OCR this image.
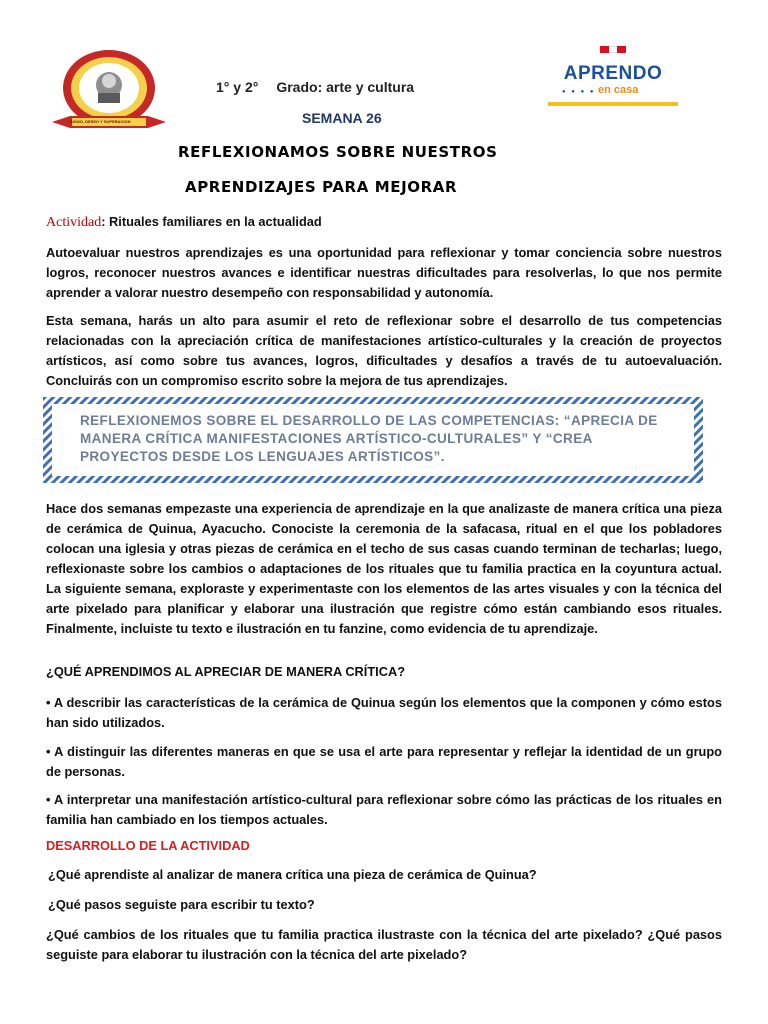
SIGNO, DESEO Y SUPERACION
APRENDO
● ● ● ● en casa
1° y 2° Grado: arte y cultura
SEMANA 26
REFLEXIONAMOS SOBRE NUESTROS
APRENDIZAJES PARA MEJORAR
Actividad: Rituales familiares en la actualidad
Autoevaluar nuestros aprendizajes es una oportunidad para reflexionar y tomar conciencia sobre nuestros logros, reconocer nuestros avances e identificar nuestras dificultades para resolverlas, lo que nos permite aprender a valorar nuestro desempeño con responsabilidad y autonomía.
Esta semana, harás un alto para asumir el reto de reflexionar sobre el desarrollo de tus competencias relacionadas con la apreciación crítica de manifestaciones artístico-culturales y la creación de proyectos artísticos, así como sobre tus avances, logros, dificultades y desafíos a través de tu autoevaluación. Concluirás con un compromiso escrito sobre la mejora de tus aprendizajes.
REFLEXIONEMOS SOBRE EL DESARROLLO DE LAS COMPETENCIAS: “APRECIA DE MANERA CRÍTICA MANIFESTACIONES ARTÍSTICO-CULTURALES” Y “CREA PROYECTOS DESDE LOS LENGUAJES ARTÍSTICOS”.
Hace dos semanas empezaste una experiencia de aprendizaje en la que analizaste de manera crítica una pieza de cerámica de Quinua, Ayacucho. Conociste la ceremonia de la safacasa, ritual en el que los pobladores colocan una iglesia y otras piezas de cerámica en el techo de sus casas cuando terminan de techarlas; luego, reflexionaste sobre los cambios o adaptaciones de los rituales que tu familia practica en la coyuntura actual. La siguiente semana, exploraste y experimentaste con los elementos de las artes visuales y con la técnica del arte pixelado para planificar y elaborar una ilustración que registre cómo están cambiando esos rituales. Finalmente, incluiste tu texto e ilustración en tu fanzine, como evidencia de tu aprendizaje.
¿QUÉ APRENDIMOS AL APRECIAR DE MANERA CRÍTICA?
• A describir las características de la cerámica de Quinua según los elementos que la componen y cómo estos han sido utilizados.
• A distinguir las diferentes maneras en que se usa el arte para representar y reflejar la identidad de un grupo de personas.
• A interpretar una manifestación artístico-cultural para reflexionar sobre cómo las prácticas de los rituales en familia han cambiado en los tiempos actuales.
DESARROLLO DE LA ACTIVIDAD
¿Qué aprendiste al analizar de manera crítica una pieza de cerámica de Quinua?
¿Qué pasos seguiste para escribir tu texto?
¿Qué cambios de los rituales que tu familia practica ilustraste con la técnica del arte pixelado? ¿Qué pasos seguiste para elaborar tu ilustración con la técnica del arte pixelado?
